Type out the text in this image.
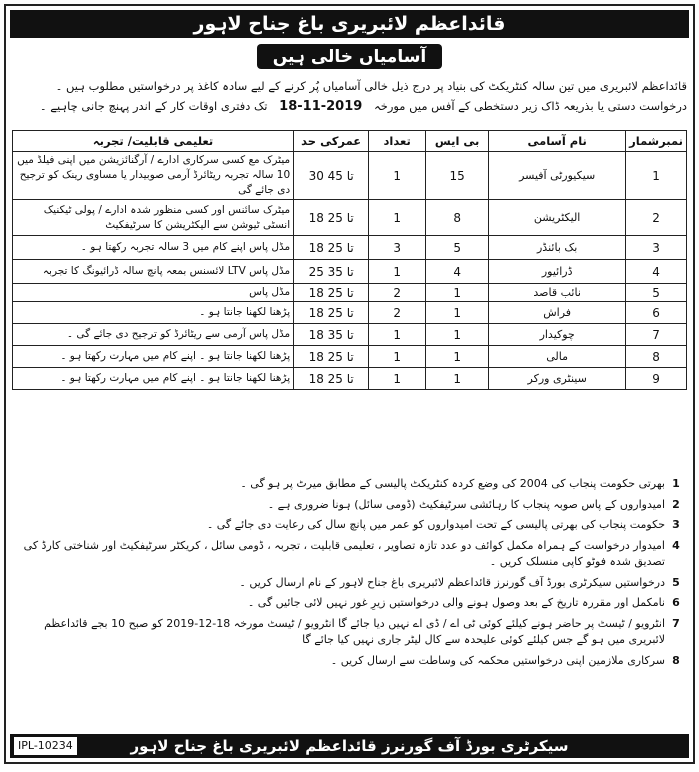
قائداعظم لائبریری باغ جناح لاہور
آسامیاں خالی ہیں
قائداعظم لائبریری میں تین سالہ کنٹریکٹ کی بنیاد پر درج ذیل خالی آسامیاں پُر کرنے کے لیے سادہ کاغذ پر درخواستیں مطلوب ہیں ۔
درخواست دستی یا بذریعہ ڈاک زیر دستخطی کے آفس میں مورخہ 18-11-2019 تک دفتری اوقات کار کے اندر پہنچ جانی چاہیے ۔
نمبرشمار	نام آسامی	بی ایس	تعداد	عمرکی حد	تعلیمی قابلیت/ تجربہ
1	سیکیورٹی آفیسر	15	1	30 تا 45	میٹرک مع کسی سرکاری ادارے / آرگنائزیشن میں اپنی فیلڈ میں 10 سالہ تجربہ ریٹائرڈ آرمی صوبیدار یا مساوی رینک کو ترجیح دی جائے گی
2	الیکٹریشن	8	1	18 تا 25	میٹرک سائنس اور کسی منظور شدہ ادارے / پولی ٹیکنیک انسٹی ٹیوشن سے الیکٹریشن کا سرٹیفکیٹ
3	بک بائنڈر	5	3	18 تا 25	مڈل پاس اپنے کام میں 3 سالہ تجربہ رکھتا ہو ۔
4	ڈرائیور	4	1	25 تا 35	مڈل پاس LTV لائسنس بمعہ پانچ سالہ ڈرائیونگ کا تجربہ
5	نائب قاصد	1	2	18 تا 25	مڈل پاس
6	فراش	1	2	18 تا 25	پڑھنا لکھنا جانتا ہو ۔
7	چوکیدار	1	1	18 تا 35	مڈل پاس آرمی سے ریٹائرڈ کو ترجیح دی جائے گی ۔
8	مالی	1	1	18 تا 25	پڑھنا لکھنا جانتا ہو ۔ اپنے کام میں مہارت رکھتا ہو ۔
9	سینٹری ورکر	1	1	18 تا 25	پڑھنا لکھنا جانتا ہو ۔ اپنے کام میں مہارت رکھتا ہو ۔
1
بھرتی حکومت پنجاب کی 2004 کی وضع کردہ کنٹریکٹ پالیسی کے مطابق میرٹ پر ہو گی ۔
2
امیدواروں کے پاس صوبہ پنجاب کا رہائشی سرٹیفکیٹ (ڈومی سائل) ہونا ضروری ہے ۔
3
حکومت پنجاب کی بھرتی پالیسی کے تحت امیدواروں کو عمر میں پانچ سال کی رعایت دی جائے گی ۔
4
امیدوار درخواست کے ہمراہ مکمل کوائف دو عدد تازہ تصاویر ، تعلیمی قابلیت ، تجربہ ، ڈومی سائل ، کریکٹر سرٹیفکیٹ اور شناختی کارڈ کی تصدیق شدہ فوٹو کاپی منسلک کریں ۔
5
درخواستیں سیکرٹری بورڈ آف گورنرز قائداعظم لائبریری باغ جناح لاہور کے نام ارسال کریں ۔
6
نامکمل اور مقررہ تاریخ کے بعد وصول ہونے والی درخواستیں زیرِ غور نہیں لائی جائیں گی ۔
7
انٹرویو / ٹیسٹ پر حاضر ہونے کیلئے کوئی ٹی اے / ڈی اے نہیں دیا جائے گا انٹرویو / ٹیسٹ مورخہ 18-12-2019 کو صبح 10 بجے قائداعظم لائبریری میں ہو گے جس کیلئے کوئی علیحدہ سے کال لیٹر جاری نہیں کیا جائے گا
8
سرکاری ملازمین اپنی درخواستیں محکمہ کی وساطت سے ارسال کریں ۔
سیکرٹری بورڈ آف گورنرز قائداعظم لائبریری باغ جناح لاہور
IPL-10234
